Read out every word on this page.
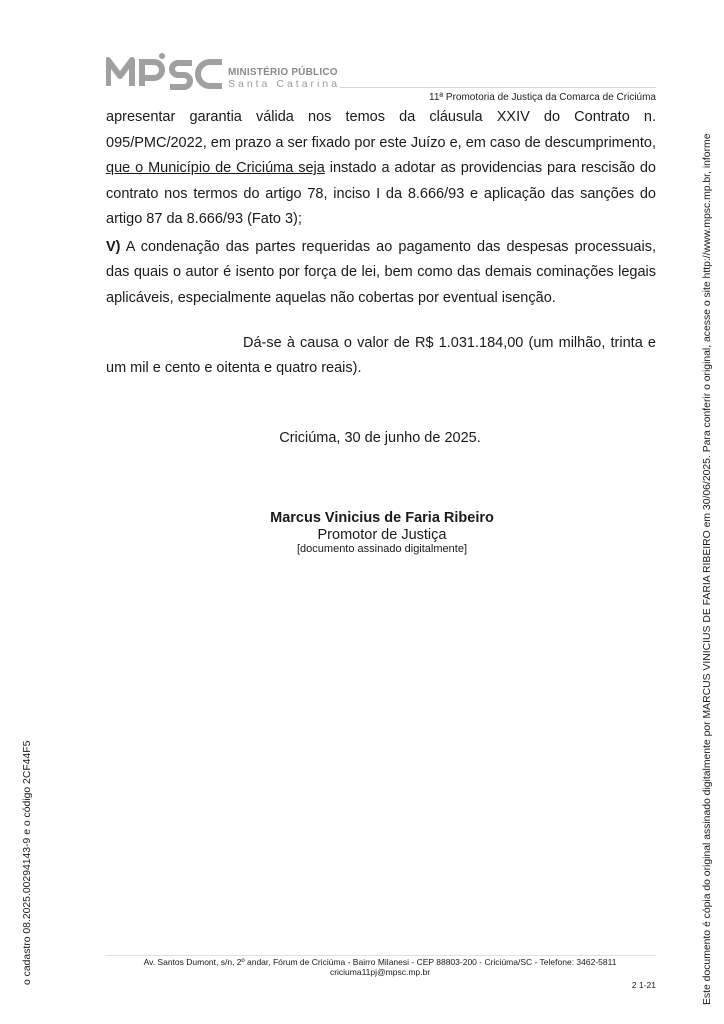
MINISTÉRIO PÚBLICO
Santa Catarina
11ª Promotoria de Justiça da Comarca de Criciúma

apresentar garantia válida nos temos da cláusula XXIV do Contrato n. 095/PMC/2022, em prazo a ser fixado por este Juízo e, em caso de descumprimento, que o Município de Criciúma seja instado a adotar as providencias para rescisão do contrato nos termos do artigo 78, inciso I da 8.666/93 e aplicação das sanções do artigo 87 da 8.666/93 (Fato 3);

V) A condenação das partes requeridas ao pagamento das despesas processuais, das quais o autor é isento por força de lei, bem como das demais cominações legais aplicáveis, especialmente aquelas não cobertas por eventual isenção.

Dá-se à causa o valor de R$ 1.031.184,00 (um milhão, trinta e um mil e cento e oitenta e quatro reais).
Criciúma, 30 de junho de 2025.
Marcus Vinicius de Faria Ribeiro
Promotor de Justiça
[documento assinado digitalmente]
Av. Santos Dumont, s/n, 2º andar, Fórum de Criciúma - Bairro Milanesi - CEP 88803-200 - Criciúma/SC - Telefone: 3462-5811
criciuma11pj@mpsc.mp.br
2 1-21	Este documento é cópia do original assinado digitalmente por MARCUS VINICIUS DE FARIA RIBEIRO em 30/06/2025. Para conferir o original, acesse o site http://www.mpsc.mp.br, informe
o cadastro 08.2025.00294143-9 e o código 2CF44F5
